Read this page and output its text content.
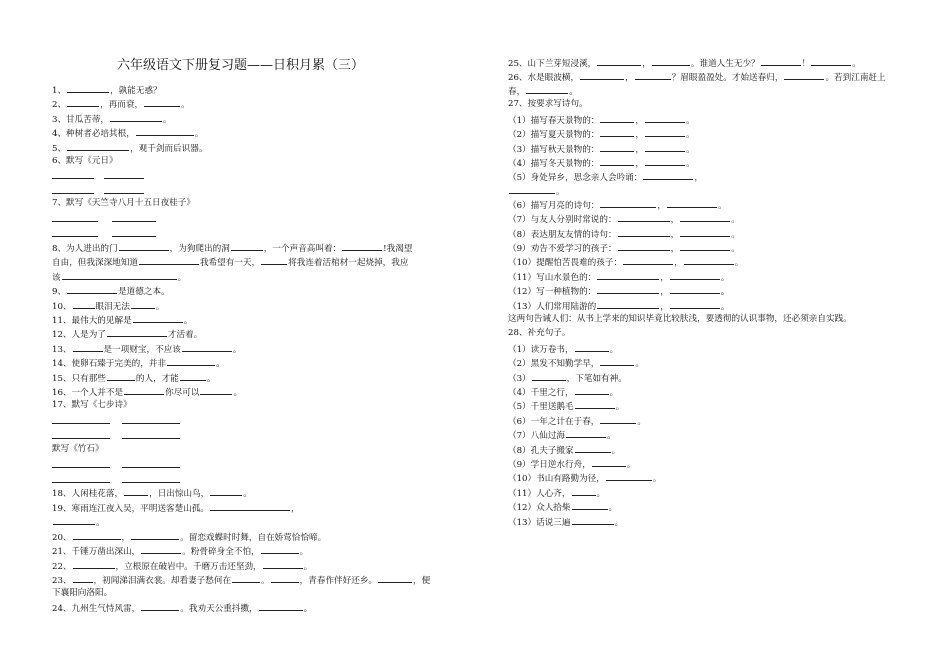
六年级语文下册复习题——日积月累（三）
1、	，孰能无惑？
2、	，再而衰，	。
3、甘瓜苦蒂，	。
4、种树者必培其根，	。
5、	，观千剑而后识器。
6、默写《元日》
7、默写《天竺寺八月十五日夜桂子》
8、为人进出的门	，为狗爬出的洞	，一个声音高叫着：	!我渴望
自由，但我深深地知道	我希望有一天，	将我连着活棺材一起烧掉，我应
该	。
9、	是道德之本。
10、	眼泪无法	。
11、最伟大的见解是	。
12、人是为了	才活着。
13、	是一项财宝，不应该	。
14、使卵石臻于完美的，并非	。
15、只有那些	的人，才能	。
16、一个人并不是	你尽可以	。
17、默写《七步诗》
默写《竹石》
18、人闲桂花落，	，日出惊山鸟，	。
19、寒雨连江夜入吴，平明送客楚山孤。	，
。
20、	，	。留恋戏蝶时时舞，自在娇莺恰恰啼。
21、千锤万凿出深山，	。粉骨碎身全不怕，	。
22、	，立根原在破岩中。千磨万击还坚劲，	。
23、	，初闻涕泪满衣裳。却看妻子愁何在	。	，青春作伴好还乡。	，便
下襄阳向洛阳。
24、九州生气恃风雷，	。我劝天公重抖擞，	。
25、山下兰芽短浸溪，	，	。谁道人生无少？	！	。
26、水是眼波横，	，	？眉眼盈盈处。才始送春归，	。若到江南赶上
春，	。
27、按要求写诗句。
（1）描写春天景物的：	，	。
（2）描写夏天景物的：	，	。
（3）描写秋天景物的：	，	。
（4）描写冬天景物的：	，	。
（5）身处异乡，思念亲人会吟诵：	，
。
（6）描写月亮的诗句：	，	。
（7）与友人分别时常说的：	，	。
（8）表达朋友友情的诗句：	，	。
（9）劝告不爱学习的孩子：	，	。
（10）提醒怕苦畏难的孩子：	，	。
（11）写山水景色的：	，	。
（12）写一种植物的：	，	。
（13）人们常用陆游的	，	。
这两句告诫人们：从书上学来的知识毕竟比较肤浅，要透彻的认识事物，还必须亲自实践。
28、补充句子。
（1）读万卷书，	。
（2）黑发不知勤学早，	。
（3）	，下笔如有神。
（4）千里之行，	。
（5）千里送鹅毛	。
（6）一年之计在于春，	。
（7）八仙过海	。
（8）孔夫子搬家	。
（9）学日逆水行舟，	。
（10）书山有路勤为径，	。
（11）人心齐，	。
（12）众人拾柴	。
（13）话说三遍	。
